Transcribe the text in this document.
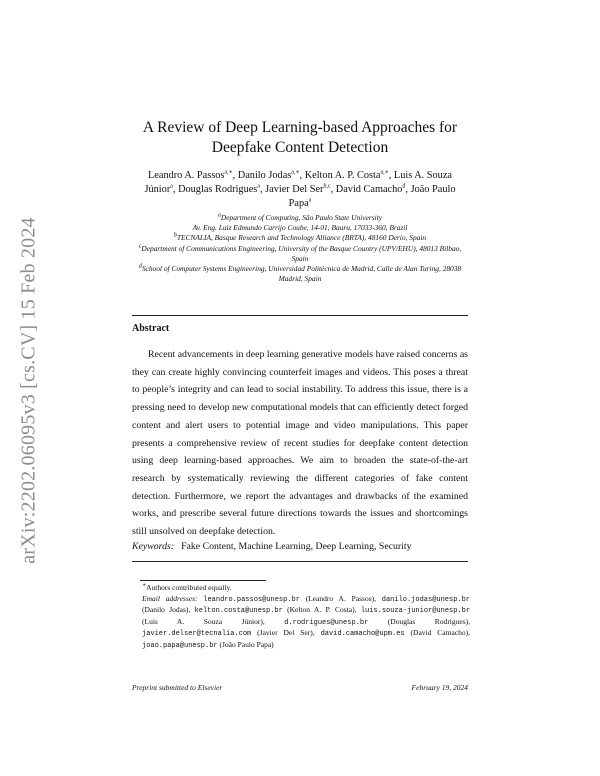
arXiv:2202.06095v3 [cs.CV] 15 Feb 2024
A Review of Deep Learning-based Approaches for
Deepfake Content Detection
Leandro A. Passos$^{a,∗}$, Danilo Jodas$^{a,∗}$, Kelton A. P. Costa$^{a,∗}$, Luis A. Souza Júnior$^a$, Douglas Rodrigues$^a$, Javier Del Ser$^{b,c}$, David Camacho$^d$, João Paulo Papa$^a$
$^a$Department of Computing, São Paulo State University
Av. Eng. Luiz Edmundo Carrijo Coube, 14-01, Bauru, 17033-360, Brazil
$^b$TECNALIA, Basque Research and Technology Alliance (BRTA), 48160 Derio, Spain
$^c$Department of Communications Engineering, University of the Basque Country (UPV/EHU), 48013 Bilbao, Spain
$^d$School of Computer Systems Engineering, Universidad Politécnica de Madrid, Calle de Alan Turing, 28038 Madrid, Spain
Abstract
Recent advancements in deep learning generative models have raised concerns as they can create highly convincing counterfeit images and videos. This poses a threat to people’s integrity and can lead to social instability. To address this issue, there is a pressing need to develop new computational models that can efficiently detect forged content and alert users to potential image and video manipulations. This paper presents a comprehensive review of recent studies for deepfake content detection using deep learning-based approaches. We aim to broaden the state-of-the-art research by systematically reviewing the different categories of fake content detection. Furthermore, we report the advantages and drawbacks of the examined works, and prescribe several future directions towards the issues and shortcomings still unsolved on deepfake detection.
Keywords: Fake Content, Machine Learning, Deep Learning, Security
∗Authors contributed equally.
Email addresses: leandro.passos@unesp.br (Leandro A. Passos), danilo.jodas@unesp.br (Danilo Jodas), kelton.costa@unesp.br (Kelton A. P. Costa), luis.souza-junior@unesp.br (Luis A. Souza Júnior), d.rodrigues@unesp.br	(Douglas Rodrigues), javier.delser@tecnalia.com (Javier Del Ser), david.camacho@upm.es (David Camacho), joao.papa@unesp.br (João Paulo Papa)
Preprint submitted to Elsevier	February 19, 2024
